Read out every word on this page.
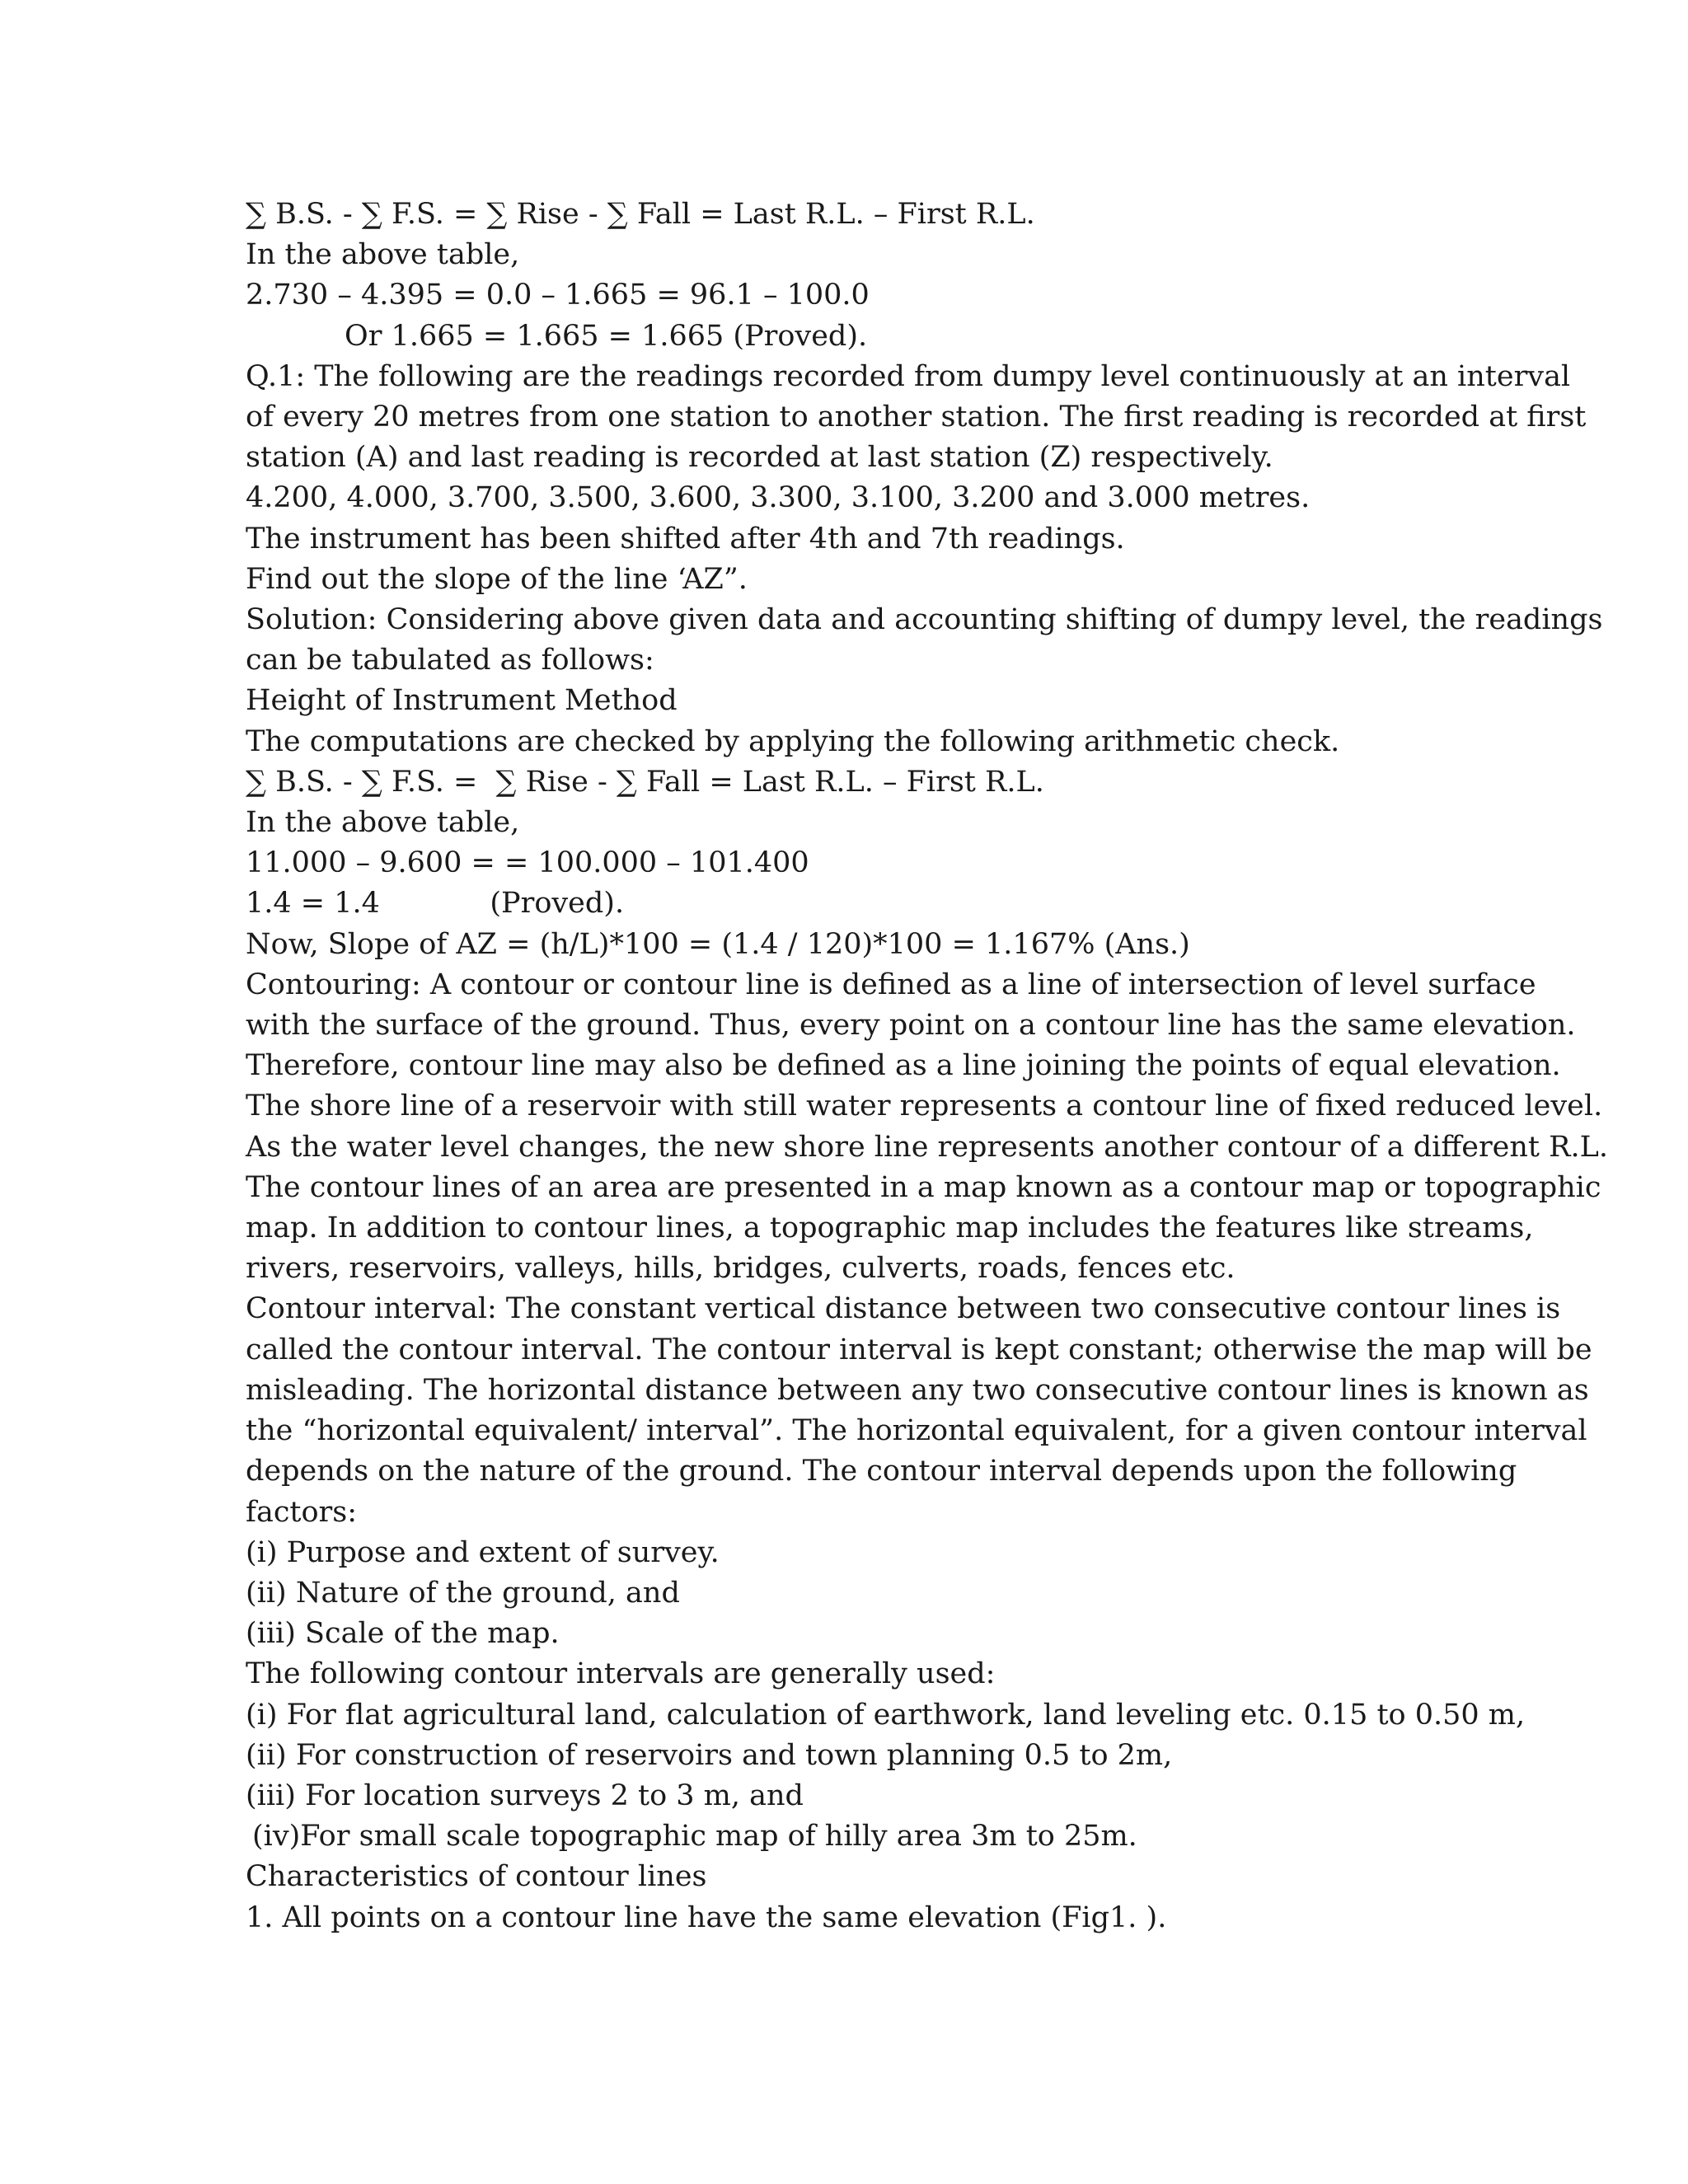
∑ B.S. - ∑ F.S. = ∑ Rise - ∑ Fall = Last R.L. – First R.L.
In the above table,
2.730 – 4.395 = 0.0 – 1.665 = 96.1 – 100.0
Or 1.665 = 1.665 = 1.665 (Proved).
Q.1: The following are the readings recorded from dumpy level continuously at an interval
of every 20 metres from one station to another station. The first reading is recorded at first
station (A) and last reading is recorded at last station (Z) respectively.
4.200, 4.000, 3.700, 3.500, 3.600, 3.300, 3.100, 3.200 and 3.000 metres.
The instrument has been shifted after 4th and 7th readings.
Find out the slope of the line ‘AZ”.
Solution: Considering above given data and accounting shifting of dumpy level, the readings
can be tabulated as follows:
Height of Instrument Method
The computations are checked by applying the following arithmetic check.
∑ B.S. - ∑ F.S. =  ∑ Rise - ∑ Fall = Last R.L. – First R.L.
In the above table,
11.000 – 9.600 = = 100.000 – 101.400
1.4 = 1.4            (Proved).
Now, Slope of AZ = (h/L)*100 = (1.4 / 120)*100 = 1.167% (Ans.)
Contouring: A contour or contour line is defined as a line of intersection of level surface
with the surface of the ground. Thus, every point on a contour line has the same elevation.
Therefore, contour line may also be defined as a line joining the points of equal elevation.
The shore line of a reservoir with still water represents a contour line of fixed reduced level.
As the water level changes, the new shore line represents another contour of a different R.L.
The contour lines of an area are presented in a map known as a contour map or topographic
map. In addition to contour lines, a topographic map includes the features like streams,
rivers, reservoirs, valleys, hills, bridges, culverts, roads, fences etc.
Contour interval: The constant vertical distance between two consecutive contour lines is
called the contour interval. The contour interval is kept constant; otherwise the map will be
misleading. The horizontal distance between any two consecutive contour lines is known as
the “horizontal equivalent/ interval”. The horizontal equivalent, for a given contour interval
depends on the nature of the ground. The contour interval depends upon the following
factors:
(i) Purpose and extent of survey.
(ii) Nature of the ground, and
(iii) Scale of the map.
The following contour intervals are generally used:
(i) For flat agricultural land, calculation of earthwork, land leveling etc. 0.15 to 0.50 m,
(ii) For construction of reservoirs and town planning 0.5 to 2m,
(iii) For location surveys 2 to 3 m, and
(iv)For small scale topographic map of hilly area 3m to 25m.
Characteristics of contour lines
1. All points on a contour line have the same elevation (Fig1. ).
